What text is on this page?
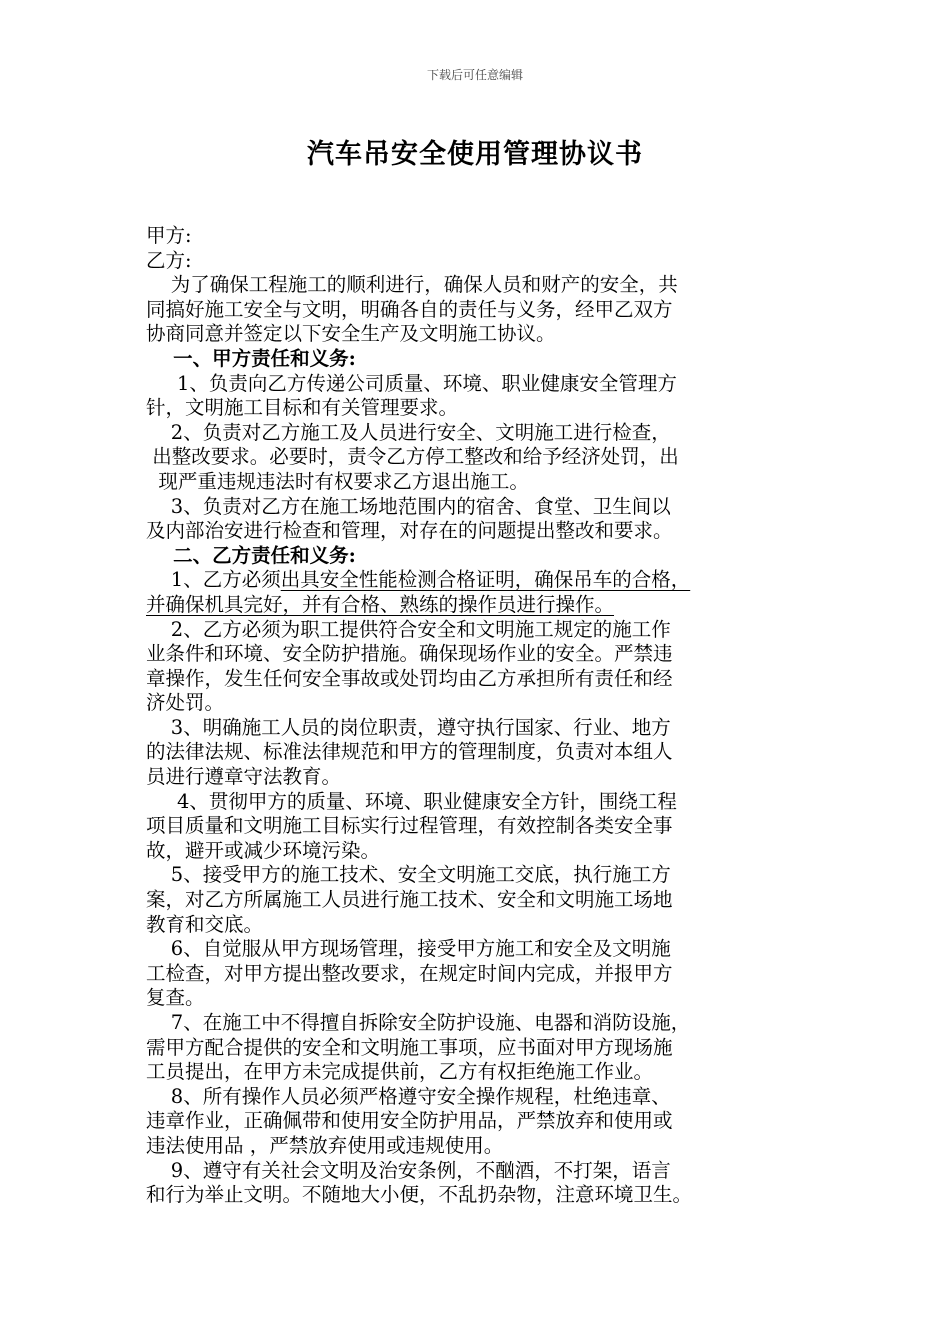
下载后可任意编辑
汽车吊安全使用管理协议书
甲方:
乙方:
为了确保工程施工的顺利进行，确保人员和财产的安全，共
同搞好施工安全与文明，明确各自的责任与义务，经甲乙双方
协商同意并签定以下安全生产及文明施工协议。
一、甲方责任和义务:
1、负责向乙方传递公司质量、环境、职业健康安全管理方
针，文明施工目标和有关管理要求。
2、负责对乙方施工及人员进行安全、文明施工进行检查，
出整改要求。必要时，责令乙方停工整改和给予经济处罚，出
现严重违规违法时有权要求乙方退出施工。
3、负责对乙方在施工场地范围内的宿舍、食堂、卫生间以
及内部治安进行检查和管理，对存在的问题提出整改和要求。
二、乙方责任和义务:
1、乙方必须出具安全性能检测合格证明，确保吊车的合格，
并确保机具完好，并有合格、熟练的操作员进行操作。
2、乙方必须为职工提供符合安全和文明施工规定的施工作
业条件和环境、安全防护措施。确保现场作业的安全。严禁违
章操作，发生任何安全事故或处罚均由乙方承担所有责任和经
济处罚。
3、明确施工人员的岗位职责，遵守执行国家、行业、地方
的法律法规、标准法律规范和甲方的管理制度，负责对本组人
员进行遵章守法教育。
4、贯彻甲方的质量、环境、职业健康安全方针，围绕工程
项目质量和文明施工目标实行过程管理，有效控制各类安全事
故，避开或减少环境污染。
5、接受甲方的施工技术、安全文明施工交底，执行施工方
案，对乙方所属施工人员进行施工技术、安全和文明施工场地
教育和交底。
6、自觉服从甲方现场管理，接受甲方施工和安全及文明施
工检查，对甲方提出整改要求，在规定时间内完成，并报甲方
复查。
7、在施工中不得擅自拆除安全防护设施、电器和消防设施，
需甲方配合提供的安全和文明施工事项，应书面对甲方现场施
工员提出，在甲方未完成提供前，乙方有权拒绝施工作业。
8、所有操作人员必须严格遵守安全操作规程，杜绝违章、
违章作业，正确佩带和使用安全防护用品，严禁放弃和使用或
违法使用品 ，严禁放弃使用或违规使用。
9、遵守有关社会文明及治安条例，不酗酒，不打架，语言
和行为举止文明。不随地大小便，不乱扔杂物，注意环境卫生。
